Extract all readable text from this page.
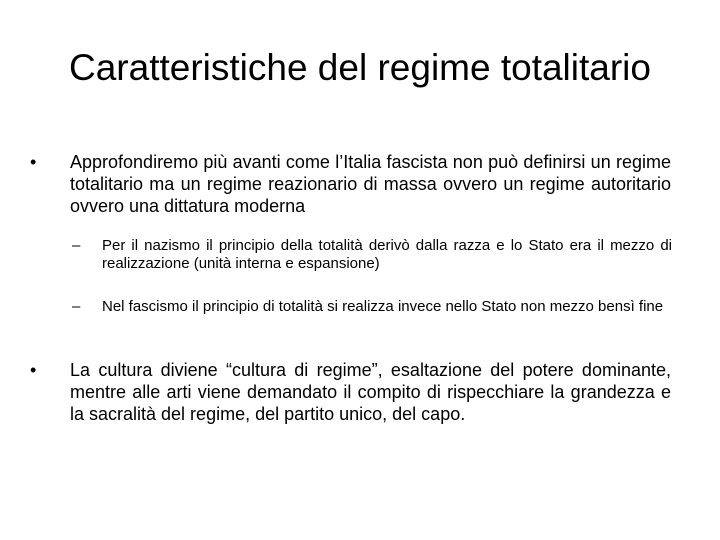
Caratteristiche del regime totalitario
•	Approfondiremo più avanti come l’Italia fascista non può definirsi un regime totalitario ma un regime reazionario di massa ovvero un regime autoritario ovvero una dittatura moderna
–	Per il nazismo il principio della totalità derivò dalla razza e lo Stato era il mezzo di realizzazione (unità interna e espansione)
–	Nel fascismo il principio di totalità si realizza invece nello Stato non mezzo bensì fine
•	La cultura diviene “cultura di regime”, esaltazione del potere dominante, mentre alle arti viene demandato il compito di rispecchiare la grandezza e la sacralità del regime, del partito unico, del capo.
